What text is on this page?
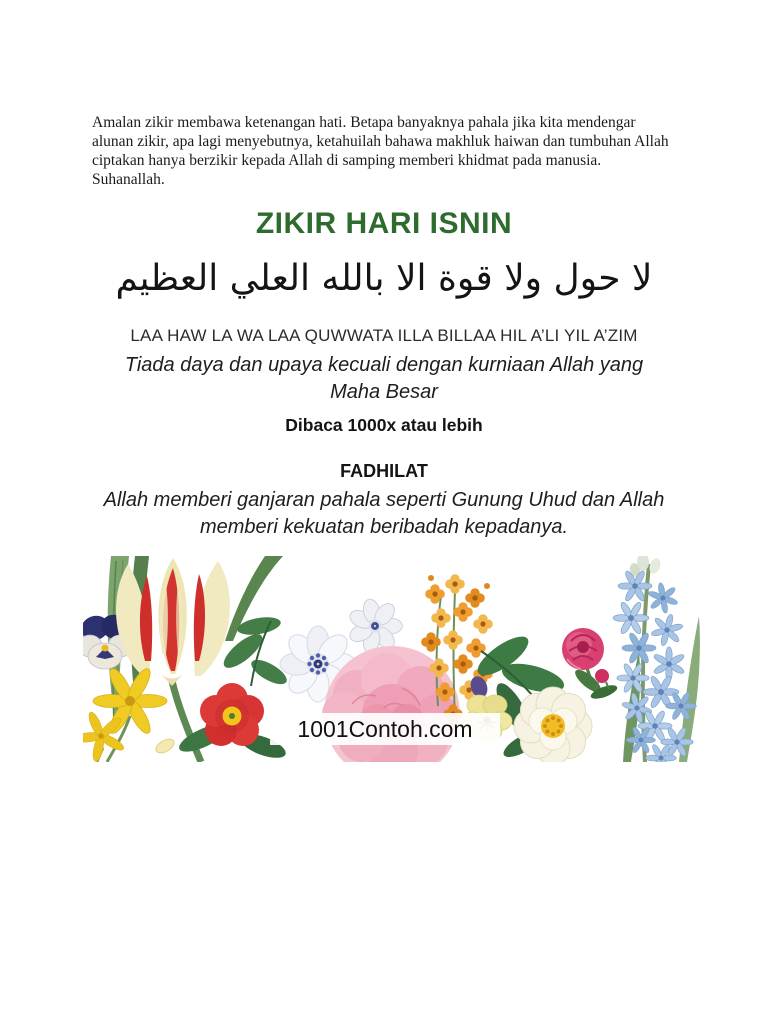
Amalan zikir membawa ketenangan hati. Betapa banyaknya pahala jika kita mendengar
alunan zikir, apa lagi menyebutnya, ketahuilah bahawa makhluk haiwan dan tumbuhan Allah
ciptakan hanya berzikir kepada Allah di samping memberi khidmat pada manusia.
Suhanallah.

ZIKIR HARI ISNIN
لا حول ولا قوة الا بالله العلي العظيم
LAA HAW LA WA LAA QUWWATA ILLA BILLAA HIL A’LI YIL A’ZIM
Tiada daya dan upaya kecuali dengan kurniaan Allah yang
Maha Besar
Dibaca 1000x atau lebih
FADHILAT
Allah memberi ganjaran pahala seperti Gunung Uhud dan Allah
memberi kekuatan beribadah kepadanya.
1001Contoh.com
